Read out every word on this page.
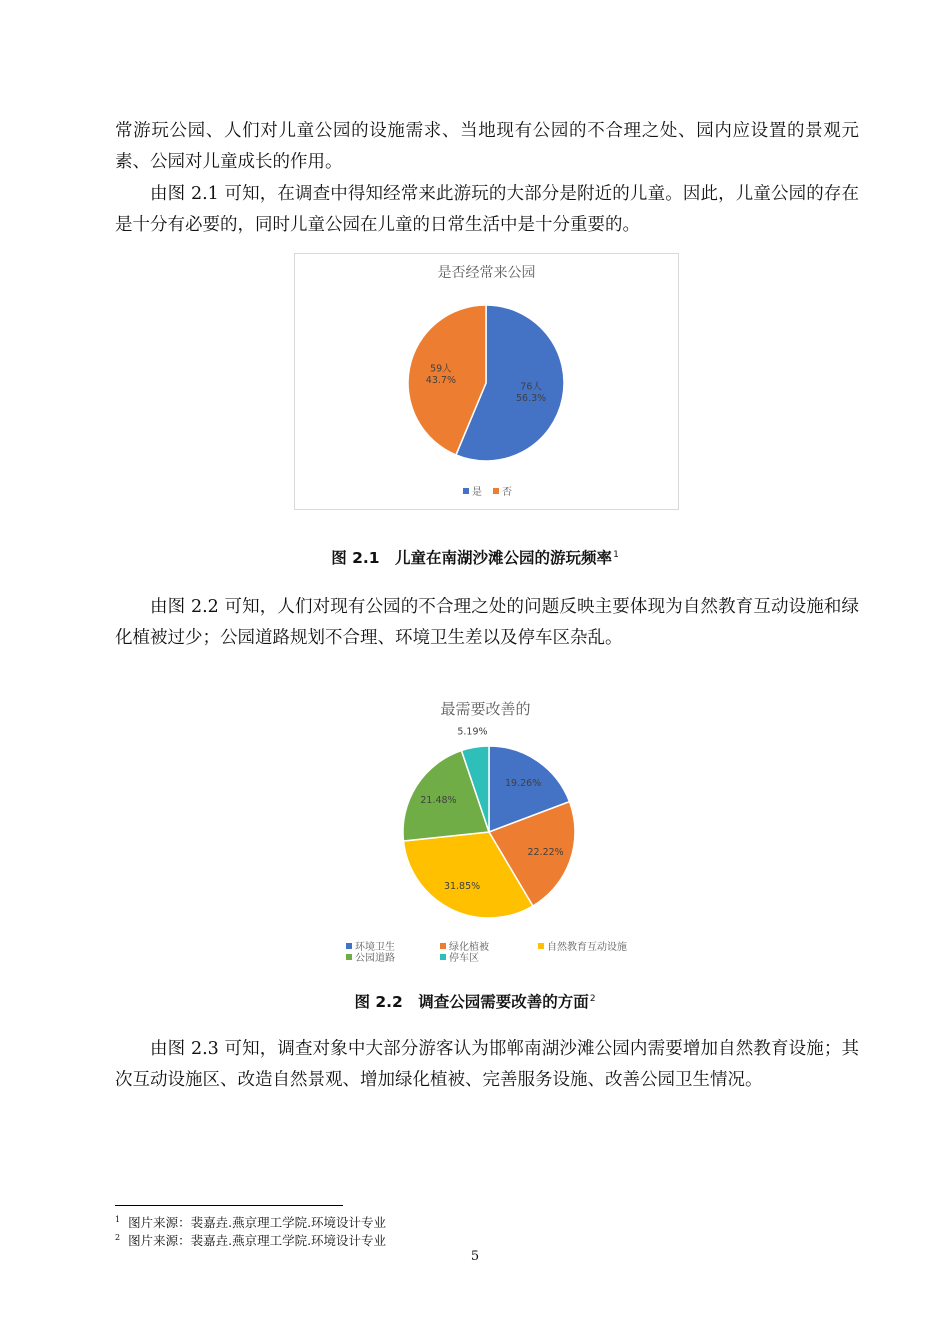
常游玩公园、人们对儿童公园的设施需求、当地现有公园的不合理之处、园内应设置的景观元素、公园对儿童成长的作用。

由图 2.1 可知，在调查中得知经常来此游玩的大部分是附近的儿童。因此，儿童公园的存在是十分有必要的，同时儿童公园在儿童的日常生活中是十分重要的。

是否经常来公园
76人
56.3%
59人
43.7%
是	否
图 2.1　儿童在南湖沙滩公园的游玩频率$^1$

由图 2.2 可知，人们对现有公园的不合理之处的问题反映主要体现为自然教育互动设施和绿化植被过少；公园道路规划不合理、环境卫生差以及停车区杂乱。

最需要改善的
19.26%
22.22%
31.85%
21.48%
5.19%
环境卫生	绿化植被	自然教育互动设施
公园道路	停车区
图 2.2　调查公园需要改善的方面$^2$

由图 2.3 可知，调查对象中大部分游客认为邯郸南湖沙滩公园内需要增加自然教育设施；其次互动设施区、改造自然景观、增加绿化植被、完善服务设施、改善公园卫生情况。

$^1$ 图片来源：裴嘉垚.燕京理工学院.环境设计专业
$^2$ 图片来源：裴嘉垚.燕京理工学院.环境设计专业
5
